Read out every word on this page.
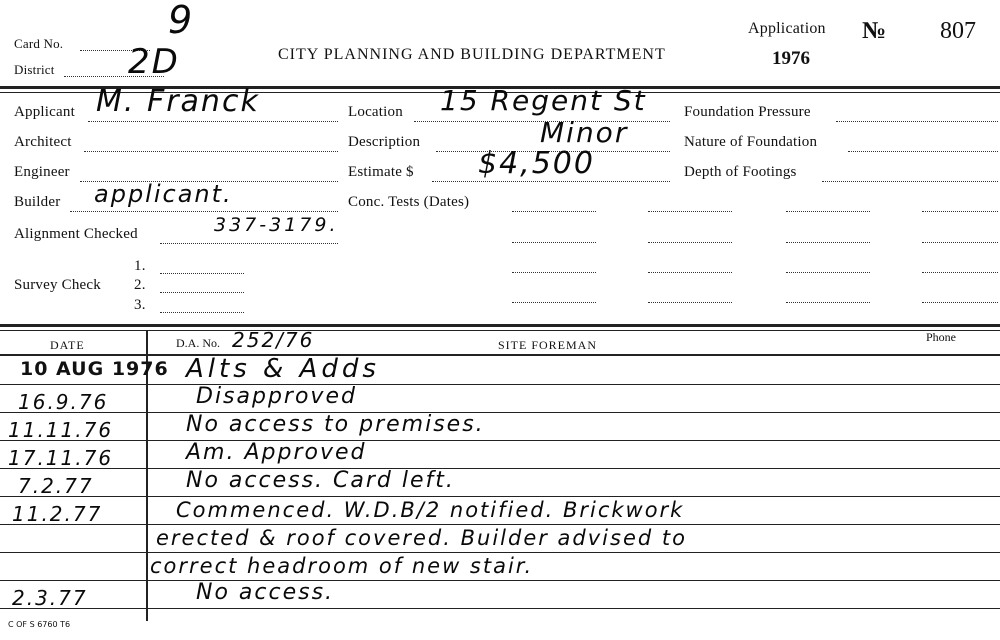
Card No.
9
District 2D	CITY PLANNING AND BUILDING DEPARTMENT
Application № 807
1976
Applicant M. Franck
Architect
Engineer
Builder applicant.
Alignment Checked	337-3179.
Survey Check
1.
2.
3.
Location 15 Regent St
Description	Minor
Estimate $ $4,500
Conc. Tests (Dates)
Foundation Pressure
Nature of Foundation
Depth of Footings
DATE	D.A. No. 252/76	SITE FOREMAN
Phone
10 AUG 1976 Alts & Adds
16.9.76	Disapproved
11.11.76	No access to premises.
17.11.76	Am. Approved
7.2.77	No access. Card left.
11.2.77	Commenced. W.D.B/2 notified. Brickwork
erected & roof covered. Builder advised to
correct headroom of new stair.
2.3.77	No access.
C OF S 6760 T6
